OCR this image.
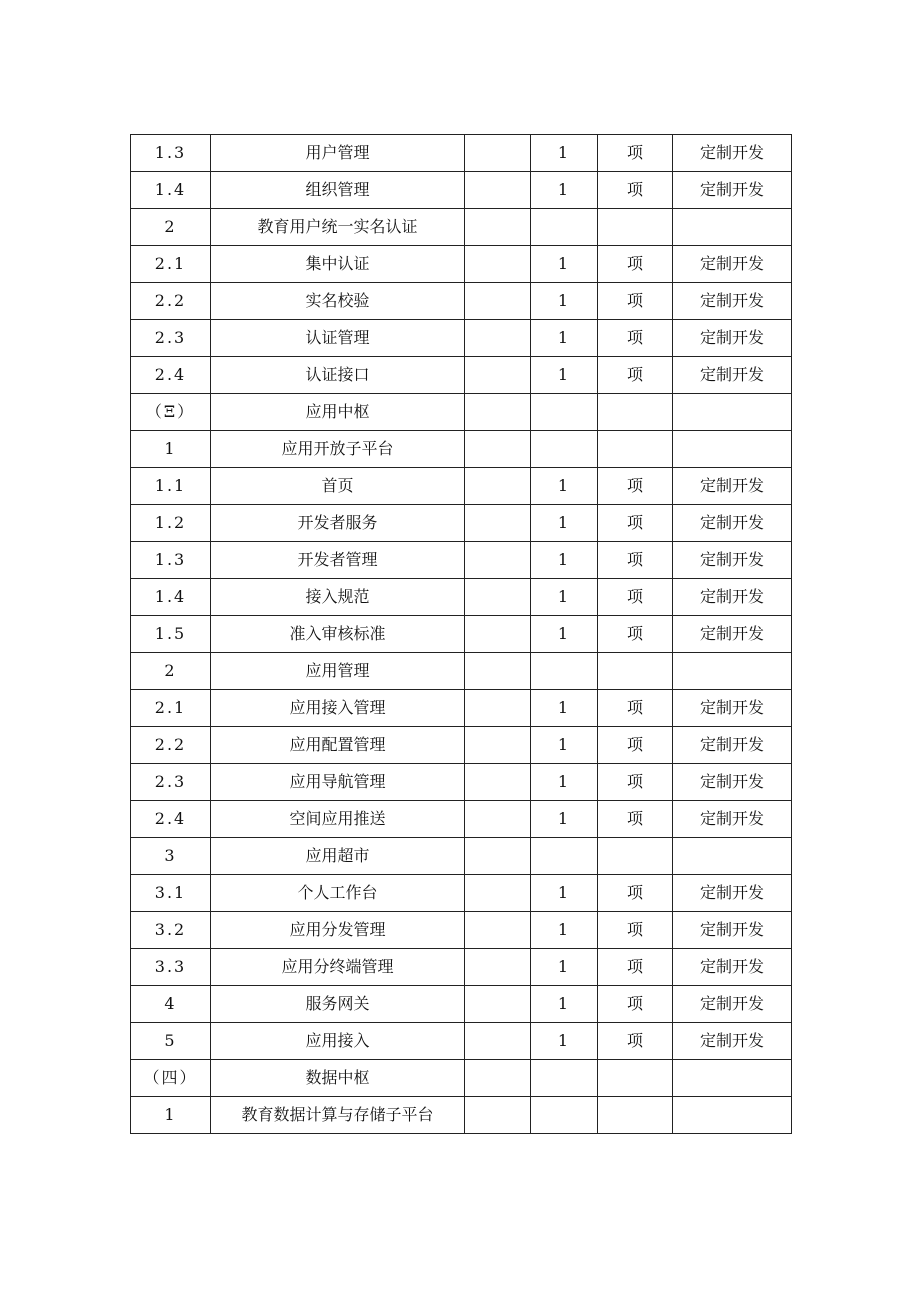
1.3	用户管理		1	项	定制开发
1.4	组织管理		1	项	定制开发
2	教育用户统一实名认证				
2.1	集中认证		1	项	定制开发
2.2	实名校验		1	项	定制开发
2.3	认证管理		1	项	定制开发
2.4	认证接口		1	项	定制开发
（Ξ）	应用中枢				
1	应用开放子平台				
1.1	首页		1	项	定制开发
1.2	开发者服务		1	项	定制开发
1.3	开发者管理		1	项	定制开发
1.4	接入规范		1	项	定制开发
1.5	准入审核标准		1	项	定制开发
2	应用管理				
2.1	应用接入管理		1	项	定制开发
2.2	应用配置管理		1	项	定制开发
2.3	应用导航管理		1	项	定制开发
2.4	空间应用推送		1	项	定制开发
3	应用超市				
3.1	个人工作台		1	项	定制开发
3.2	应用分发管理		1	项	定制开发
3.3	应用分终端管理		1	项	定制开发
4	服务网关		1	项	定制开发
5	应用接入		1	项	定制开发
（四）	数据中枢				
1	教育数据计算与存储子平台				
